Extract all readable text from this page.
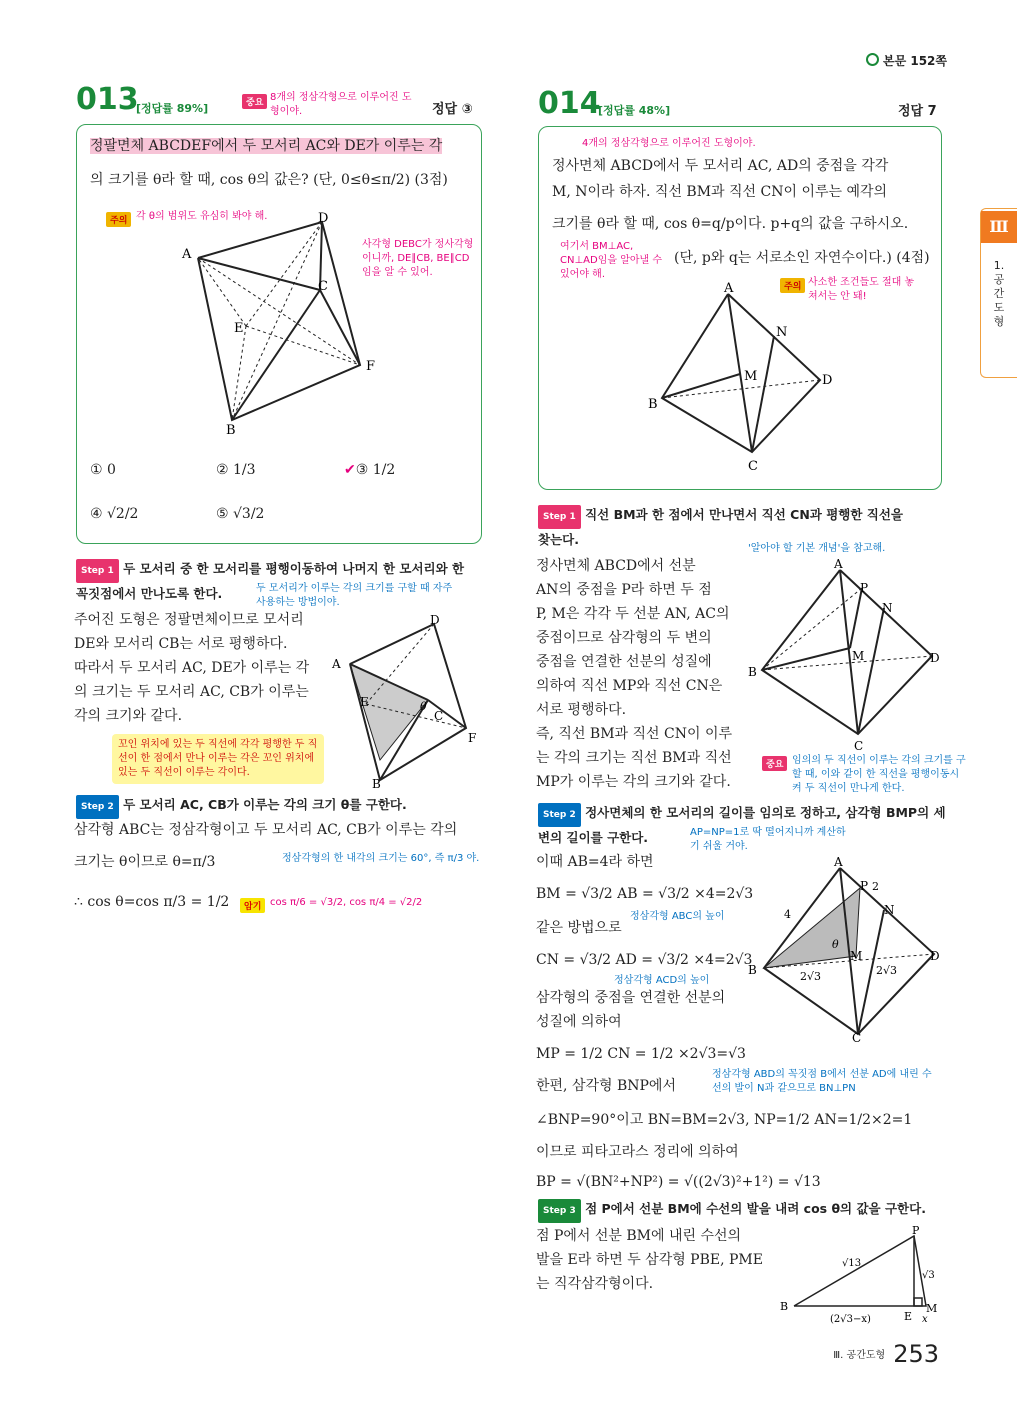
본문 152쪽
Ⅲ
1. 공간도형
013
[정답률 89%]	중요 8개의 정삼각형으로 이루어진 도형이야.	정답 ③
정팔면체 ABCDEF에서 두 모서리 AC와 DE가 이루는 각
의 크기를 θ라 할 때, cos θ의 값은? (단, 0≤θ≤π/2) (3점)
주의 각 θ의 범위도 유심히 봐야 해.
사각형 DEBC가 정사각형이니까, DE∥CB, BE∥CD임을 알 수 있어.
A
D
C
E
F
B
① 0	② 1/3	✔③ 1/2
④ √2/2	⑤ √3/2
Step 1 두 모서리 중 한 모서리를 평행이동하여 나머지 한 모서리와 한 꼭짓점에서 만나도록 한다.	두 모서리가 이루는 각의 크기를 구할 때 자주 사용하는 방법이야.
주어진 도형은 정팔면체이므로 모서리
DE와 모서리 CB는 서로 평행하다.
따라서 두 모서리 AC, DE가 이루는 각
의 크기는 두 모서리 AC, CB가 이루는
각의 크기와 같다.
꼬인 위치에 있는 두 직선에 각각 평행한 두 직선이 한 점에서 만나 이루는 각은 꼬인 위치에 있는 두 직선이 이루는 각이다.
A
D
C
E
F
B
θ
Step 2 두 모서리 AC, CB가 이루는 각의 크기 θ를 구한다.
삼각형 ABC는 정삼각형이고 두 모서리 AC, CB가 이루는 각의
크기는 θ이므로 θ=π/3	정삼각형의 한 내각의 크기는 60°, 즉 π/3 야.
∴ cos θ=cos π/3 = 1/2	암기 cos π/6 = √3/2, cos π/4 = √2/2
014
[정답률 48%]	정답 7
4개의 정삼각형으로 이루어진 도형이야.
정사면체 ABCD에서 두 모서리 AC, AD의 중점을 각각
M, N이라 하자. 직선 BM과 직선 CN이 이루는 예각의
크기를 θ라 할 때, cos θ=q/p이다. p+q의 값을 구하시오.
여기서 BM⊥AC, CN⊥AD임을 알아낼 수 있어야 해.
(단, p와 q는 서로소인 자연수이다.) (4점)
주의 사소한 조건들도 절대 놓쳐서는 안 돼!
A
B
C
D
N
M
Step 1 직선 BM과 한 점에서 만나면서 직선 CN과 평행한 직선을 찾는다.
'알아야 할 기본 개념'을 참고해.
정사면체 ABCD에서 선분
AN의 중점을 P라 하면 두 점
P, M은 각각 두 선분 AN, AC의
중점이므로 삼각형의 두 변의
중점을 연결한 선분의 성질에
의하여 직선 MP와 직선 CN은
서로 평행하다.
즉, 직선 BM과 직선 CN이 이루
는 각의 크기는 직선 BM과 직선
MP가 이루는 각의 크기와 같다.
A
P
N
M
B
D
C
중요 임의의 두 직선이 이루는 각의 크기를 구할 때, 이와 같이 한 직선을 평행이동시켜 두 직선이 만나게 한다.
Step 2 정사면체의 한 모서리의 길이를 임의로 정하고, 삼각형 BMP의 세 변의 길이를 구한다.	AP=NP=1로 딱 떨어지니까 계산하기 쉬울 거야.
이때 AB=4라 하면
BM = √3/2 AB = √3/2 ×4=2√3
정삼각형 ABC의 높이
같은 방법으로
CN = √3/2 AD = √3/2 ×4=2√3
정삼각형 ACD의 높이
삼각형의 중점을 연결한 선분의
성질에 의하여
MP = 1/2 CN = 1/2 ×2√3=√3
A
P 2
N
M
B
D
C
4
2√3	2√3
θ
한편, 삼각형 BNP에서
정삼각형 ABD의 꼭짓점 B에서 선분 AD에 내린 수선의 발이 N과 같으므로 BN⊥PN
∠BNP=90°이고 BN=BM=2√3, NP=1/2 AN=1/2×2=1
이므로 피타고라스 정리에 의하여
BP = √(BN²+NP²) = √((2√3)²+1²) = √13
Step 3 점 P에서 선분 BM에 수선의 발을 내려 cos θ의 값을 구한다.
점 P에서 선분 BM에 내린 수선의
발을 E라 하면 두 삼각형 PBE, PME
는 직각삼각형이다.
P
B
E
M
√13
√3
(2√3−x)	x
Ⅲ. 공간도형 253
